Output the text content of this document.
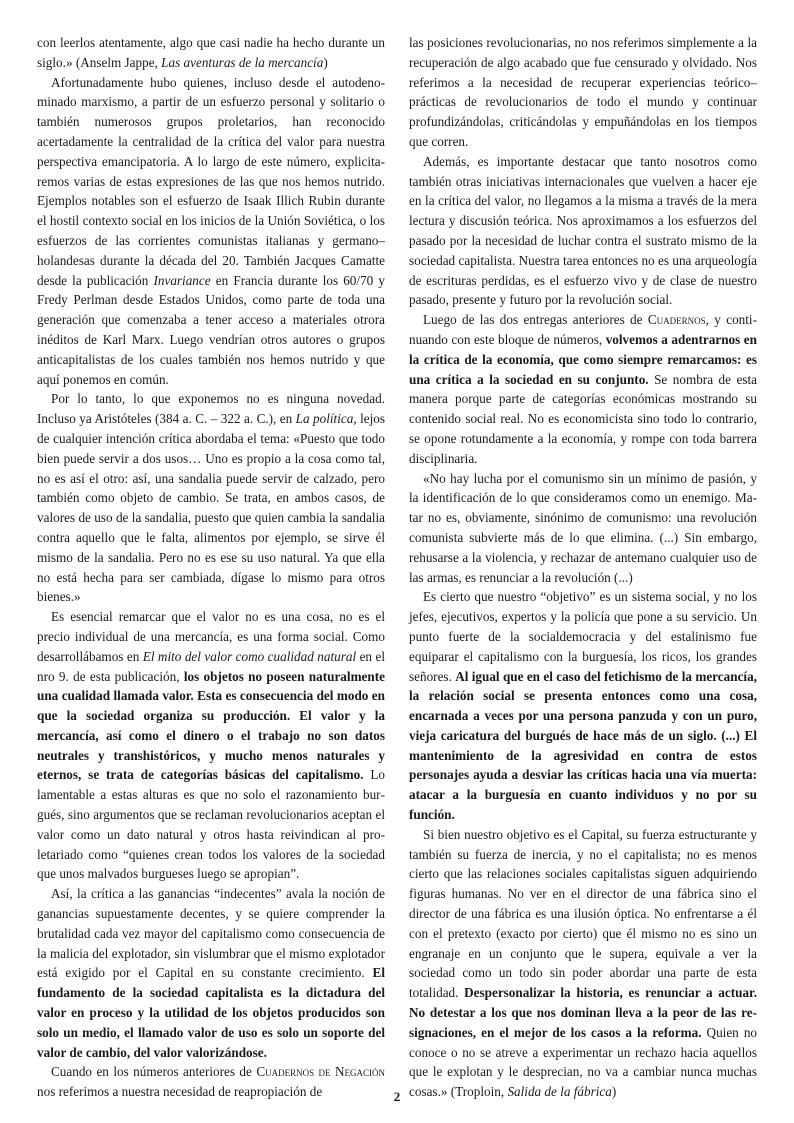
con leerlos atentamente, algo que casi nadie ha hecho durante un siglo.» (Anselm Jappe, Las aventuras de la mercancía)

Afortunadamente hubo quienes, incluso desde el autodenominado marxismo, a partir de un esfuerzo personal y solitario o también numerosos grupos proletarios, han reconocido acertadamente la centralidad de la crítica del valor para nuestra perspectiva emancipatoria. A lo largo de este número, explicitaremos varias de estas expresiones de las que nos hemos nutrido. Ejemplos notables son el esfuerzo de Isaak Illich Rubin durante el hostil contexto social en los inicios de la Unión Soviética, o los esfuerzos de las corrientes comunistas italianas y germano–holandesas durante la década del 20. También Jacques Camatte desde la publicación Invariance en Francia durante los 60/70 y Fredy Perlman desde Estados Unidos, como parte de toda una generación que comenzaba a tener acceso a materiales otrora inéditos de Karl Marx. Luego vendrían otros autores o grupos anticapitalistas de los cuales también nos hemos nutrido y que aquí ponemos en común.

Por lo tanto, lo que exponemos no es ninguna novedad. Incluso ya Aristóteles (384 a. C. – 322 a. C.), en La política, lejos de cualquier intención crítica abordaba el tema: «Puesto que todo bien puede servir a dos usos… Uno es propio a la cosa como tal, no es así el otro: así, una sandalia puede servir de calzado, pero también como objeto de cambio. Se trata, en ambos casos, de valores de uso de la sandalia, puesto que quien cambia la sandalia contra aquello que le falta, alimentos por ejemplo, se sirve él mismo de la sandalia. Pero no es ese su uso natural. Ya que ella no está hecha para ser cambiada, dígase lo mismo para otros bienes.»

Es esencial remarcar que el valor no es una cosa, no es el precio individual de una mercancía, es una forma social. Como desarrollábamos en El mito del valor como cualidad natural en el nro 9. de esta publicación, los objetos no poseen naturalmente una cualidad llamada valor. Esta es consecuencia del modo en que la sociedad organiza su producción. El valor y la mercancía, así como el dinero o el trabajo no son datos neutrales y transhistóricos, y mucho menos naturales y eternos, se trata de categorías básicas del capitalismo. Lo lamentable a estas alturas es que no solo el razonamiento burgués, sino argumentos que se reclaman revolucionarios aceptan el valor como un dato natural y otros hasta reivindican al proletariado como “quienes crean todos los valores de la sociedad que unos malvados burgueses luego se apropian”.

Así, la crítica a las ganancias “indecentes” avala la noción de ganancias supuestamente decentes, y se quiere comprender la brutalidad cada vez mayor del capitalismo como consecuencia de la malicia del explotador, sin vislumbrar que el mismo explotador está exigido por el Capital en su constante crecimiento. El fundamento de la sociedad capitalista es la dictadura del valor en proceso y la utilidad de los objetos producidos son solo un medio, el llamado valor de uso es solo un soporte del valor de cambio, del valor valorizándose.

Cuando en los números anteriores de Cuadernos de Negación nos referimos a nuestra necesidad de reapropiación de

las posiciones revolucionarias, no nos referimos simplemente a la recuperación de algo acabado que fue censurado y olvidado. Nos referimos a la necesidad de recuperar experiencias teórico–prácticas de revolucionarios de todo el mundo y continuar profundizándolas, criticándolas y empuñándolas en los tiempos que corren.

Además, es importante destacar que tanto nosotros como también otras iniciativas internacionales que vuelven a hacer eje en la crítica del valor, no llegamos a la misma a través de la mera lectura y discusión teórica. Nos aproximamos a los esfuerzos del pasado por la necesidad de luchar contra el sustrato mismo de la sociedad capitalista. Nuestra tarea entonces no es una arqueología de escrituras perdidas, es el esfuerzo vivo y de clase de nuestro pasado, presente y futuro por la revolución social.

Luego de las dos entregas anteriores de Cuadernos, y continuando con este bloque de números, volvemos a adentrarnos en la crítica de la economía, que como siempre remarcamos: es una crítica a la sociedad en su conjunto. Se nombra de esta manera porque parte de categorías económicas mostrando su contenido social real. No es economicista sino todo lo contrario, se opone rotundamente a la economía, y rompe con toda barrera disciplinaria.

«No hay lucha por el comunismo sin un mínimo de pasión, y la identificación de lo que consideramos como un enemigo. Matar no es, obviamente, sinónimo de comunismo: una revolución comunista subvierte más de lo que elimina. (...) Sin embargo, rehusarse a la violencia, y rechazar de antemano cualquier uso de las armas, es renunciar a la revolución (...)

Es cierto que nuestro “objetivo” es un sistema social, y no los jefes, ejecutivos, expertos y la policía que pone a su servicio. Un punto fuerte de la socialdemocracia y del estalinismo fue equiparar el capitalismo con la burguesía, los ricos, los grandes señores. Al igual que en el caso del fetichismo de la mercancía, la relación social se presenta entonces como una cosa, encarnada a veces por una persona panzuda y con un puro, vieja caricatura del burgués de hace más de un siglo. (...) El mantenimiento de la agresividad en contra de estos personajes ayuda a desviar las críticas hacia una vía muerta: atacar a la burguesía en cuanto individuos y no por su función.

Si bien nuestro objetivo es el Capital, su fuerza estructurante y también su fuerza de inercia, y no el capitalista; no es menos cierto que las relaciones sociales capitalistas siguen adquiriendo figuras humanas. No ver en el director de una fábrica sino el director de una fábrica es una ilusión óptica. No enfrentarse a él con el pretexto (exacto por cierto) que él mismo no es sino un engranaje en un conjunto que le supera, equivale a ver la sociedad como un todo sin poder abordar una parte de esta totalidad. Despersonalizar la historia, es renunciar a actuar. No detestar a los que nos dominan lleva a la peor de las resignaciones, en el mejor de los casos a la reforma. Quien no conoce o no se atreve a experimentar un rechazo hacia aquellos que le explotan y le desprecian, no va a cambiar nunca muchas cosas.» (Troploin, Salida de la fábrica)

2
